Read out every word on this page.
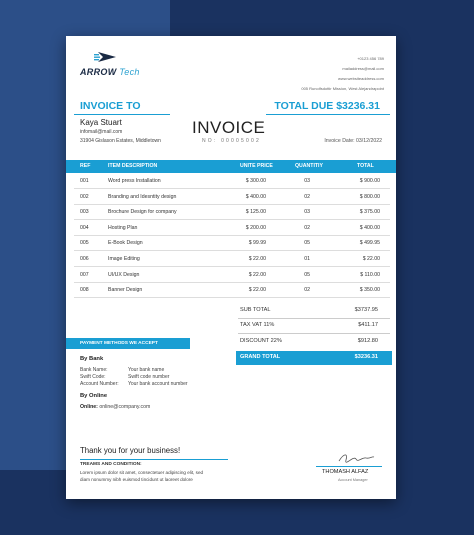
ARROW Tech
+0123 456 789
mailaddress@mail.com
www.websiteaddress.com
005 Runolfsdottir Mission, West Alejandrapoint
INVOICE TO	TOTAL DUE $3236.31
Kaya Stuart
infomail@mail.com
31904 Gislason Estates, Middletown
INVOICE
NO: 00005002	Invoice Date: 03/12/2022
REF	ITEM DESCRIPTION	UNITE PRICE	QUANTITIY	TOTAL
001	Word press Installation	$ 300.00	03	$ 900.00
002	Branding and Idesntity design	$ 400.00	02	$ 800.00
003	Brochure Design for company	$ 125.00	03	$ 375.00
004	Hosting Plan	$ 200.00	02	$ 400.00
005	E-Book Design	$ 99.99	05	$ 499.95
006	Image Editing	$ 22.00	01	$ 22.00
007	UI/UX Design	$ 22.00	05	$ 110.00
008	Banner Design	$ 22.00	02	$ 350.00
SUB TOTAL	$3737.95
TAX VAT 11%	$411.17
DISCOUNT 22%	$912.80
GRAND TOTAL	$3236.31
PAYMENT METHODS WE ACCEPT
By Bank
Bank Name:	Your bank name
Swift Code:	Swift code number
Account Number: Your bank account number
By Online
Online: online@company.com
Thank you for your business!
TREAMS AND CONDITION:
Lorem ipsum dolor sit amet, consectetuer adipiscing elit, sed
diam nonummy nibh euismod tincidunt ut laoreet dolore
THOMASH ALFAZ
Account Manager
